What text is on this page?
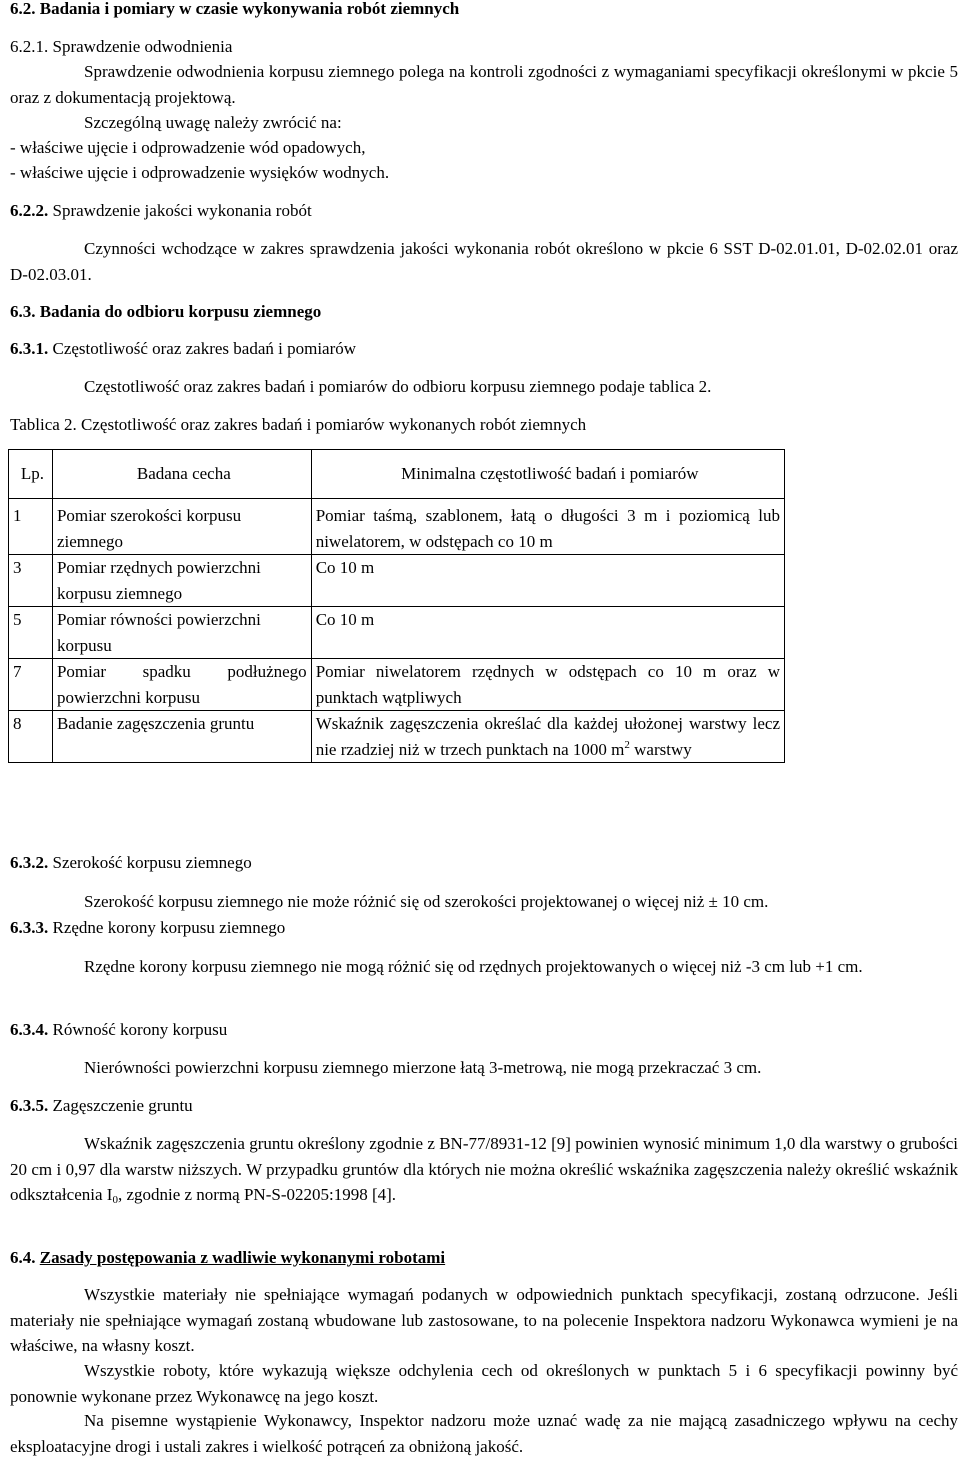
6.2. Badania i pomiary w czasie wykonywania robót ziemnych

6.2.1. Sprawdzenie odwodnienia

Sprawdzenie odwodnienia korpusu ziemnego polega na kontroli zgodności z wymaganiami specyfikacji określonymi w pkcie 5 oraz z dokumentacją projektową.

Szczególną uwagę należy zwrócić na:

- właściwe ujęcie i odprowadzenie wód opadowych,

- właściwe ujęcie i odprowadzenie wysięków wodnych.

6.2.2. Sprawdzenie jakości wykonania robót

Czynności wchodzące w zakres sprawdzenia jakości wykonania robót określono w pkcie 6 SST D-02.01.01, D-02.02.01 oraz D-02.03.01.

6.3. Badania do odbioru korpusu ziemnego

6.3.1. Częstotliwość oraz zakres badań i pomiarów

Częstotliwość oraz zakres badań i pomiarów do odbioru korpusu ziemnego podaje tablica 2.

Tablica 2. Częstotliwość oraz zakres badań i pomiarów wykonanych robót ziemnych

Lp.	Badana cecha	Minimalna częstotliwość badań i pomiarów
1	Pomiar szerokości korpusu ziemnego	Pomiar taśmą, szablonem, łatą o długości 3 m i poziomicą lub niwelatorem, w odstępach co 10 m
3	Pomiar rzędnych powierzchni korpusu ziemnego	Co 10 m
5	Pomiar równości powierzchni korpusu	Co 10 m
7	Pomiar spadku podłużnego powierzchni korpusu	Pomiar niwelatorem rzędnych w odstępach co 10 m oraz w punktach wątpliwych
8	Badanie zagęszczenia gruntu	Wskaźnik zagęszczenia określać dla każdej ułożonej warstwy lecz nie rzadziej niż w trzech punktach na 1000 $m^2$ warstwy

6.3.2. Szerokość korpusu ziemnego

Szerokość korpusu ziemnego nie może różnić się od szerokości projektowanej o więcej niż ± 10 cm.

6.3.3. Rzędne korony korpusu ziemnego

Rzędne korony korpusu ziemnego nie mogą różnić się od rzędnych projektowanych o więcej niż -3 cm lub +1 cm.

6.3.4. Równość korony korpusu

Nierówności powierzchni korpusu ziemnego mierzone łatą 3-metrową, nie mogą przekraczać 3 cm.

6.3.5. Zagęszczenie gruntu

Wskaźnik zagęszczenia gruntu określony zgodnie z BN-77/8931-12 [9] powinien wynosić minimum 1,0 dla warstwy o grubości 20 cm i 0,97 dla warstw niższych. W przypadku gruntów dla których nie można określić wskaźnika zagęszczenia należy określić wskaźnik odkształcenia $I_0$, zgodnie z normą PN-S-02205:1998 [4].

6.4. Zasady postępowania z wadliwie wykonanymi robotami

Wszystkie materiały nie spełniające wymagań podanych w odpowiednich punktach specyfikacji, zostaną odrzucone. Jeśli materiały nie spełniające wymagań zostaną wbudowane lub zastosowane, to na polecenie Inspektora nadzoru Wykonawca wymieni je na właściwe, na własny koszt.

Wszystkie roboty, które wykazują większe odchylenia cech od określonych w punktach 5 i 6 specyfikacji powinny być ponownie wykonane przez Wykonawcę na jego koszt.

Na pisemne wystąpienie Wykonawcy, Inspektor nadzoru może uznać wadę za nie mającą zasadniczego wpływu na cechy eksploatacyjne drogi i ustali zakres i wielkość potrąceń za obniżoną jakość.
